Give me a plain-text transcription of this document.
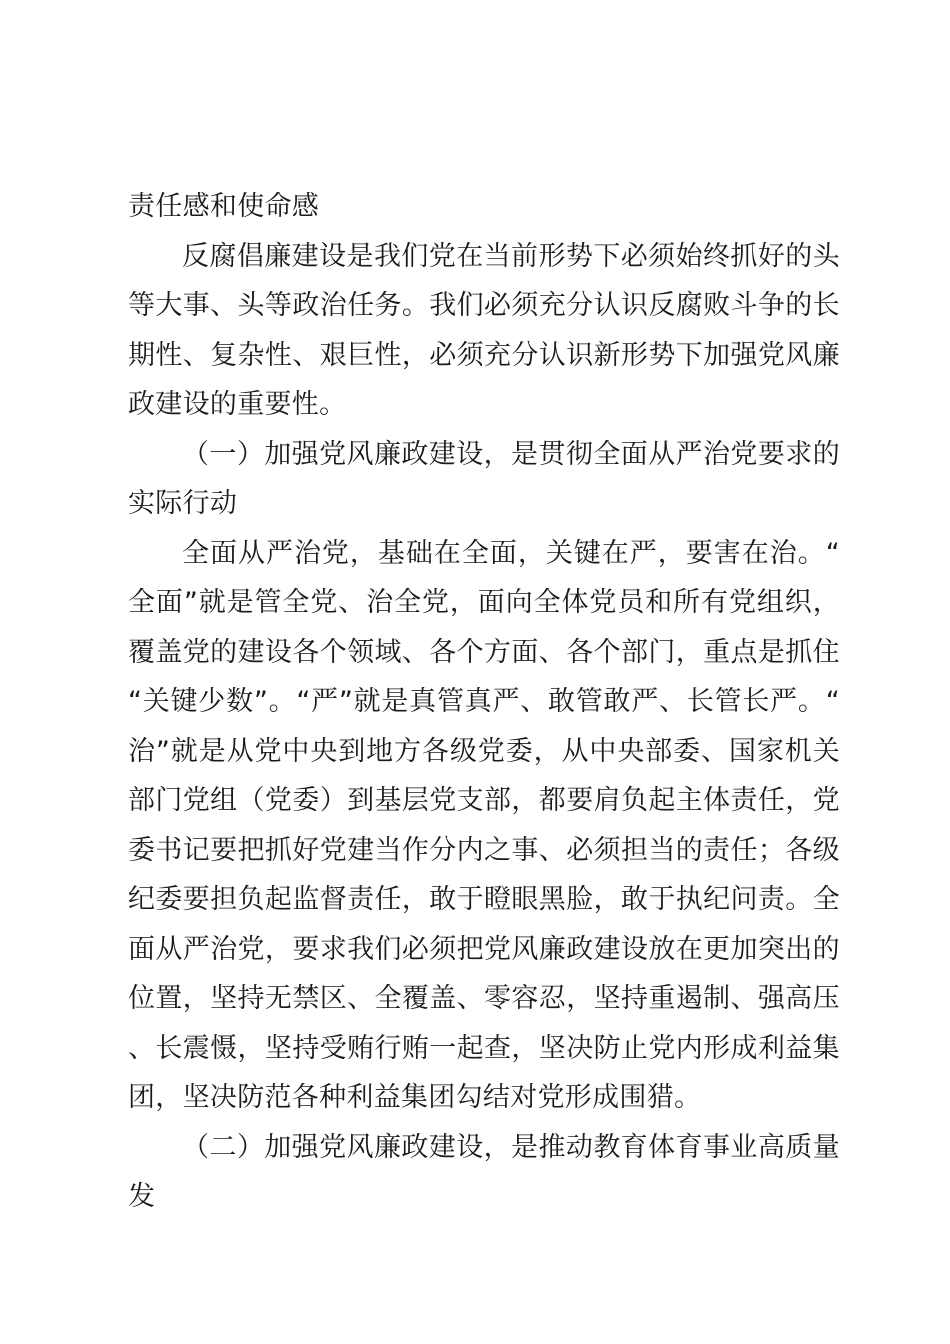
责任感和使命感

反腐倡廉建设是我们党在当前形势下必须始终抓好的头等大事、头等政治任务。我们必须充分认识反腐败斗争的长期性、复杂性、艰巨性，必须充分认识新形势下加强党风廉政建设的重要性。

（一）加强党风廉政建设，是贯彻全面从严治党要求的实际行动

全面从严治党，基础在全面，关键在严，要害在治。“全面”就是管全党、治全党，面向全体党员和所有党组织，覆盖党的建设各个领域、各个方面、各个部门，重点是抓住“关键少数”。“严”就是真管真严、敢管敢严、长管长严。“治”就是从党中央到地方各级党委，从中央部委、国家机关部门党组（党委）到基层党支部，都要肩负起主体责任，党委书记要把抓好党建当作分内之事、必须担当的责任；各级纪委要担负起监督责任，敢于瞪眼黑脸，敢于执纪问责。全面从严治党，要求我们必须把党风廉政建设放在更加突出的位置，坚持无禁区、全覆盖、零容忍，坚持重遏制、强高压、长震慑，坚持受贿行贿一起查，坚决防止党内形成利益集团，坚决防范各种利益集团勾结对党形成围猎。

（二）加强党风廉政建设，是推动教育体育事业高质量发
